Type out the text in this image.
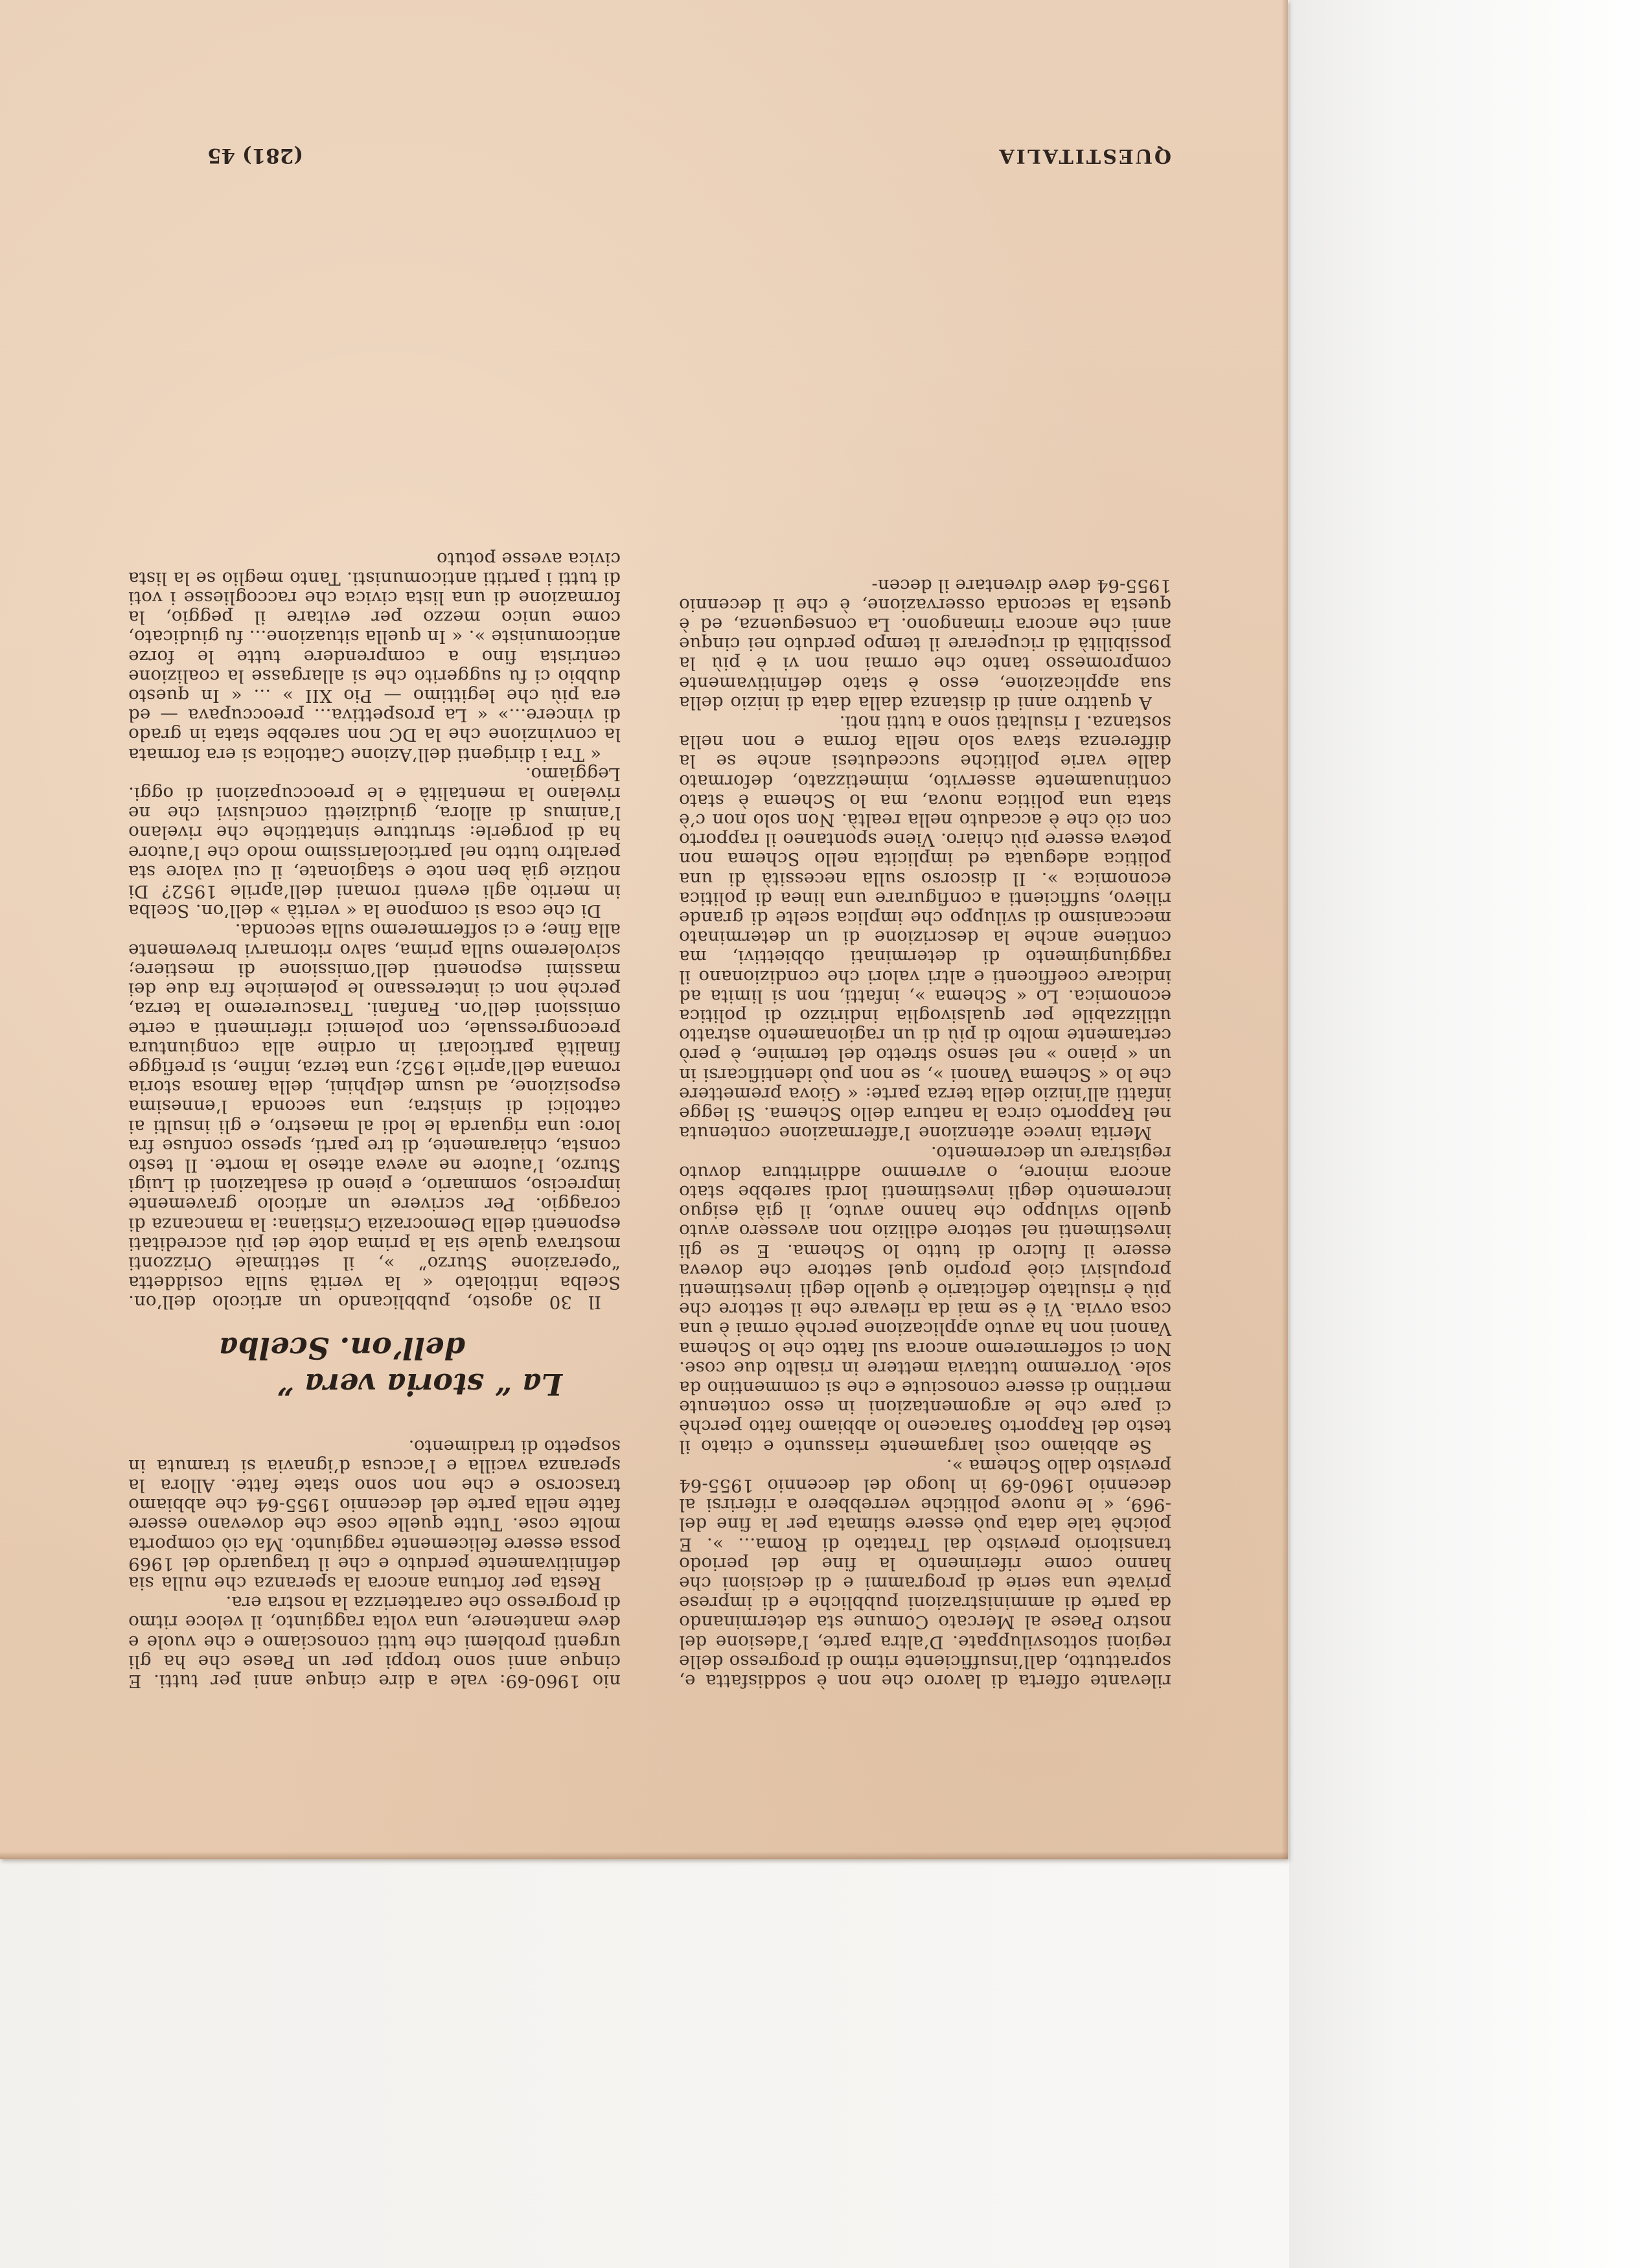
QUESTITALIA
(281) 45

rilevante offerta di lavoro che non è soddisfatta e, soprattutto, dall’insufficiente ritmo di progresso delle regioni sottosviluppate. D’altra parte, l’adesione del nostro Paese al Mercato Comune sta determinando da parte di amministrazioni pubbliche e di imprese private una serie di programmi e di decisioni che hanno come riferimento la fine del periodo transitorio previsto dal Trattato di Roma... ». E poichè tale data può essere stimata per la fine del -969, « le nuove politiche verrebbero a riferirsi al decennio 1960-69 in luogo del decennio 1955-64 previsto dallo Schema ».

Se abbiamo così largamente riassunto e citato il testo del Rapporto Saraceno lo abbiamo fatto perchè ci pare che le argomentazioni in esso contenute meritino di essere conosciute e che si commentino da sole. Vorremmo tuttavia mettere in risalto due cose. Non ci soffermeremo ancora sul fatto che lo Schema Vanoni non ha avuto applicazione perchè ormai è una cosa ovvia. Vi è se mai da rilevare che il settore che più è risultato deficitario è quello degli investimenti propulsivi cioè proprio quel settore che doveva essere il fulcro di tutto lo Schema. E se gli investimenti nel settore edilizio non avessero avuto quello sviluppo che hanno avuto, il già esiguo incremento degli investimenti lordi sarebbe stato ancora minore, o avremmo addirittura dovuto registrare un decremento.

Merita invece attenzione l’affermazione contenuta nel Rapporto circa la natura dello Schema. Si legge infatti all’inizio della terza parte: « Giova premettere che lo « Schema Vanoni », se non può identificarsi in un « piano » nel senso stretto del termine, è però certamente molto di più di un ragionamento astratto utilizzabile per qualsivoglia indirizzo di politica economica. Lo « Schema », infatti, non si limita ad indicare coefficenti e altri valori che condizionano il raggiungimento di determinati obbiettivi, ma contiene anche la descrizione di un determinato meccanismo di sviluppo che implica scelte di grande rilievo, sufficienti a configurare una linea di politica economica ». Il discorso sulla necessità di una politica adeguata ed implicita nello Schema non poteva essere più chiaro. Viene spontaneo il rapporto con ciò che è accaduto nella realtà. Non solo non c’è stata una politica nuova, ma lo Schema è stato continuamente asservito, mimetizzato, deformato dalle varie politiche succedutesi anche se la differenza stava solo nella forma e non nella sostanza. I risultati sono a tutti noti.

A quattro anni di distanza dalla data di inizio della sua applicazione, esso è stato definitivamente compromesso tanto che ormai non vi è più la possibilità di ricuperare il tempo perduto nei cinque anni che ancora rimangono. La conseguenza, ed è questa la seconda osservazione, è che il decennio 1955-64 deve diventare il decen-

nio 1960-69: vale a dire cinque anni per tutti. E cinque anni sono troppi per un Paese che ha gli urgenti problemi che tutti conosciamo e che vuole e deve mantenere, una volta raggiunto, il veloce ritmo di progresso che caratterizza la nostra era.

Resta per fortuna ancora la speranza che nulla sia definitivamente perduto e che il traguardo del 1969 possa essere felicemente raggiunto. Ma ciò comporta molte cose. Tutte quelle cose che dovevano essere fatte nella parte del decennio 1955-64 che abbiamo trascorso e che non sono state fatte. Allora la speranza vacilla e l’accusa d’ignavia si tramuta in sospetto di tradimento.

La “ storia vera ”
dell’on. Scelba

Il 30 agosto, pubblicando un articolo dell’on. Scelba intitolato « la verità sulla cosiddetta “operazione Sturzo” », il settimale Orizzonti mostrava quale sia la prima dote dei più accreditati esponenti della Democrazia Cristiana: la mancanza di coraggio. Per scrivere un articolo gravemente impreciso, sommario, e pieno di esaltazioni di Luigi Sturzo, l’autore ne aveva atteso la morte. Il testo consta, chiaramente, di tre parti, spesso confuse fra loro: una riguarda le lodi al maestro, e gli insulti ai cattolici di sinistra; una seconda l’ennesima esposizione, ad usum delphini, della famosa storia romana dell’aprile 1952; una terza, infine, si prefigge finalità particolari in ordine alla congiuntura precongressuale, con polemici riferimenti a certe omissioni dell’on. Fanfani. Trascureremo la terza, perchè non ci interessano le polemiche fra due dei massimi esponenti dell’omissione di mestiere; scivoleremo sulla prima, salvo ritornarvi brevemente alla fine; e ci soffermeremo sulla seconda.

Di che cosa si compone la « verità » dell’on. Scelba in merito agli eventi romani dell’aprile 1952? Di notizie già ben note e stagionate, il cui valore sta peraltro tutto nel particolarissimo modo che l’autore ha di porgerle: strutture sintattiche che rivelano l’animus di allora, giudizietti conclusivi che ne rivelano la mentalità e le preoccupazioni di oggi. Leggiamo.

« Tra i dirigenti dell’Azione Cattolica si era formata la convinzione che la DC non sarebbe stata in grado di vincere...» « La prospettiva... preoccupava — ed era più che legittimo — Pio XII » ... « In questo dubbio ci fu suggerito che si allargasse la coalizione centrista fino a comprendere tutte le forze anticomuniste ». « In quella situazione... fu giudicato, come unico mezzo per evitare il peggio, la formazione di una lista civica che raccogliesse i voti di tutti i partiti anticomunisti. Tanto meglio se la lista civica avesse potuto
